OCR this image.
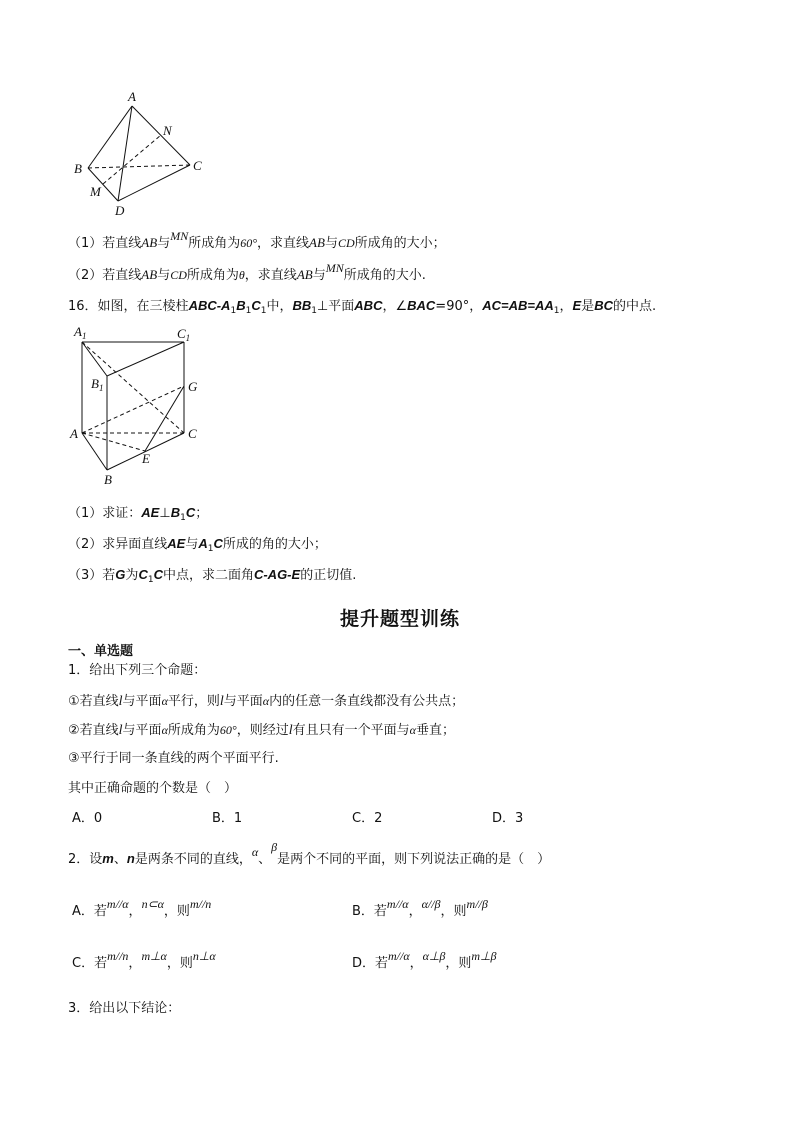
A
N
B	C
M
D
（1）若直线AB与MN所成角为60°，求直线AB与CD所成角的大小；
（2）若直线AB与CD所成角为θ，求直线AB与MN所成角的大小.
16．如图，在三棱柱ABC-$A_1B_1C_1$中，$BB_1\perp$平面ABC，∠BAC=90°，$AC=AB=AA_1$，E是BC的中点.
$A_1$	$C_1$
$B_1$	G
A	C
E
B
（1）求证：$AE\perp B_1C$；
（2）求异面直线AE与$A_1C$所成的角的大小；
（3）若G为$C_1C$中点，求二面角C-AG-E的正切值.
提升题型训练
一、单选题
1．给出下列三个命题：
①若直线l与平面α平行，则l与平面α内的任意一条直线都没有公共点；
②若直线l与平面α所成角为60°，则经过l有且只有一个平面与α垂直；
③平行于同一条直线的两个平面平行.
其中正确命题的个数是（　）
A．0	B．1	C．2	D．3
2．设m、n是两条不同的直线，α、β是两个不同的平面，则下列说法正确的是（　）
A．若m//α，n⊂α，则m//n	B．若m//α，α//β，则m//β
C．若m//n，m⊥α，则n⊥α	D．若m//α，α⊥β，则m⊥β
3．给出以下结论：
